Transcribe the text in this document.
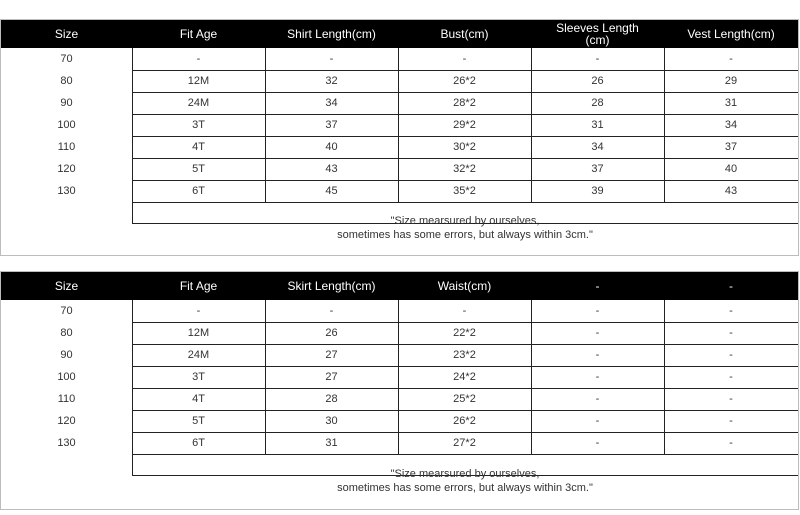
Size	Fit Age	Shirt Length(cm)	Bust(cm)	Sleeves Length
(cm)	Vest Length(cm)
70	-	-	-	-	-
80	12M	32	26*2	26	29
90	24M	34	28*2	28	31
100	3T	37	29*2	31	34
110	4T	40	30*2	34	37
120	5T	43	32*2	37	40
130	6T	45	35*2	39	43
"Size mearsured by ourselves,
sometimes has some errors, but always within 3cm."
Size	Fit Age	Skirt Length(cm)	Waist(cm)	-	-
70	-	-	-	-	-
80	12M	26	22*2	-	-
90	24M	27	23*2	-	-
100	3T	27	24*2	-	-
110	4T	28	25*2	-	-
120	5T	30	26*2	-	-
130	6T	31	27*2	-	-
"Size mearsured by ourselves,
sometimes has some errors, but always within 3cm."
